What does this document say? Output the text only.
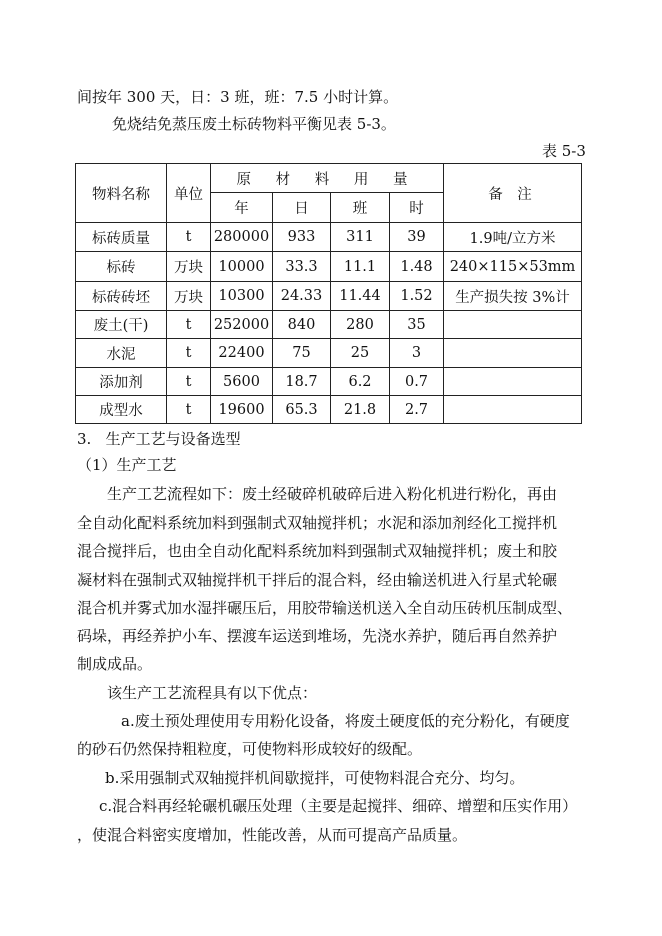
间按年 300 天，日：3 班，班：7.5 小时计算。
免烧结免蒸压废土标砖物料平衡见表 5-3。
表 5-3
物料名称	单位	原 材 料 用 量				备 注
		年	日	班	时	
标砖质量	t	280000	933	311	39	1.9吨/立方米
标砖	万块	10000	33.3	11.1	1.48	240×115×53mm
标砖砖坯	万块	10300	24.33	11.44	1.52	生产损失按 3%计
废土(干)	t	252000	840	280	35	
水泥	t	22400	75	25	3	
添加剂	t	5600	18.7	6.2	0.7	
成型水	t	19600	65.3	21.8	2.7	
3.   生产工艺与设备选型
（1）生产工艺
生产工艺流程如下：废土经破碎机破碎后进入粉化机进行粉化，再由
全自动化配料系统加料到强制式双轴搅拌机；水泥和添加剂经化工搅拌机
混合搅拌后，也由全自动化配料系统加料到强制式双轴搅拌机；废土和胶
凝材料在强制式双轴搅拌机干拌后的混合料，经由输送机进入行星式轮碾
混合机并雾式加水湿拌碾压后，用胶带输送机送入全自动压砖机压制成型、
码垛，再经养护小车、摆渡车运送到堆场，先浇水养护，随后再自然养护
制成成品。
该生产工艺流程具有以下优点：
a.废土预处理使用专用粉化设备，将废土硬度低的充分粉化，有硬度
的砂石仍然保持粗粒度，可使物料形成较好的级配。
b.采用强制式双轴搅拌机间歇搅拌，可使物料混合充分、均匀。
c.混合料再经轮碾机碾压处理（主要是起搅拌、细碎、增塑和压实作用）
，使混合料密实度增加，性能改善，从而可提高产品质量。
